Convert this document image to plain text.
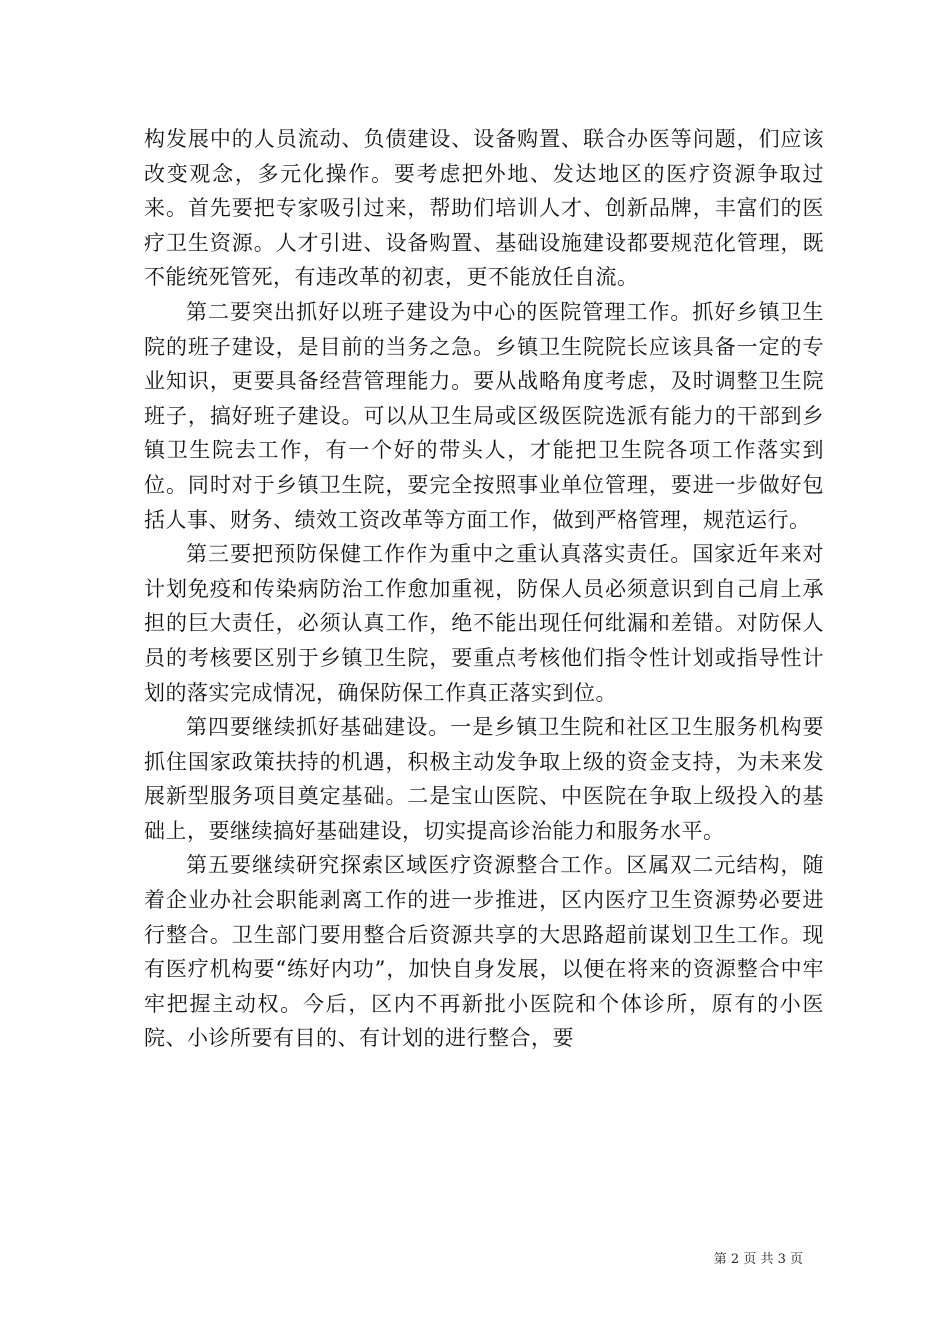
构发展中的人员流动、负债建设、设备购置、联合办医等问题，们应该改变观念，多元化操作。要考虑把外地、发达地区的医疗资源争取过来。首先要把专家吸引过来，帮助们培训人才、创新品牌，丰富们的医疗卫生资源。人才引进、设备购置、基础设施建设都要规范化管理，既不能统死管死，有违改革的初衷，更不能放任自流。

第二要突出抓好以班子建设为中心的医院管理工作。抓好乡镇卫生院的班子建设，是目前的当务之急。乡镇卫生院院长应该具备一定的专业知识，更要具备经营管理能力。要从战略角度考虑，及时调整卫生院班子，搞好班子建设。可以从卫生局或区级医院选派有能力的干部到乡镇卫生院去工作，有一个好的带头人，才能把卫生院各项工作落实到位。同时对于乡镇卫生院，要完全按照事业单位管理，要进一步做好包括人事、财务、绩效工资改革等方面工作，做到严格管理，规范运行。

第三要把预防保健工作作为重中之重认真落实责任。国家近年来对计划免疫和传染病防治工作愈加重视，防保人员必须意识到自己肩上承担的巨大责任，必须认真工作，绝不能出现任何纰漏和差错。对防保人员的考核要区别于乡镇卫生院，要重点考核他们指令性计划或指导性计划的落实完成情况，确保防保工作真正落实到位。

第四要继续抓好基础建设。一是乡镇卫生院和社区卫生服务机构要抓住国家政策扶持的机遇，积极主动发争取上级的资金支持，为未来发展新型服务项目奠定基础。二是宝山医院、中医院在争取上级投入的基础上，要继续搞好基础建设，切实提高诊治能力和服务水平。

第五要继续研究探索区域医疗资源整合工作。区属双二元结构，随着企业办社会职能剥离工作的进一步推进，区内医疗卫生资源势必要进行整合。卫生部门要用整合后资源共享的大思路超前谋划卫生工作。现有医疗机构要“练好内功”，加快自身发展，以便在将来的资源整合中牢牢把握主动权。今后，区内不再新批小医院和个体诊所，原有的小医院、小诊所要有目的、有计划的进行整合，要

第 2 页 共 3 页
